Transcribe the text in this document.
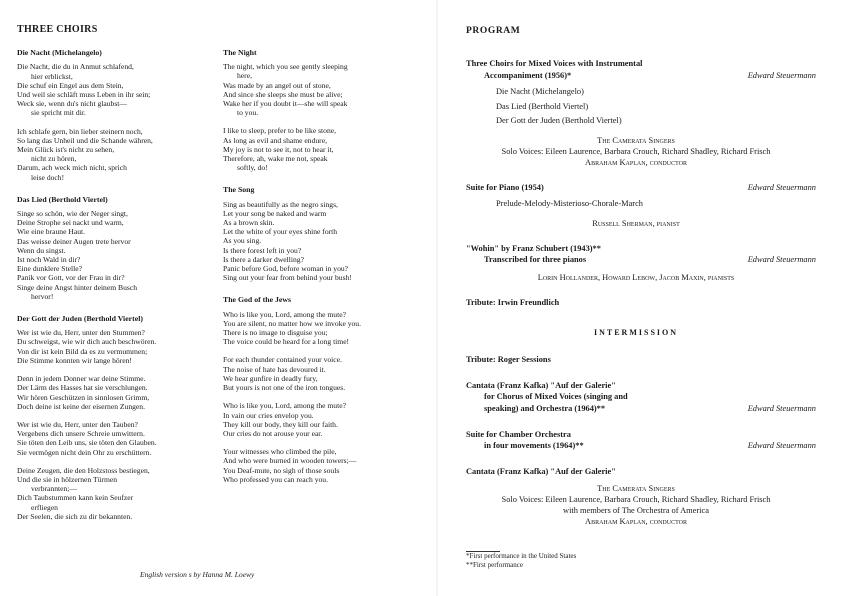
THREE CHOIRS
Die Nacht (Michelangelo)
Die Nacht, die du in Anmut schlafend,
hier erblickst,
Die schuf ein Engel aus dem Stein,
Und weil sie schläft muss Leben in ihr sein;
Weck sie, wenn du's nicht glaubst—
sie spricht mit dir.
Ich schlafe gern, bin lieber steinern noch,
So lang das Unheil und die Schande währen,
Mein Glück ist's nicht zu sehen,
nicht zu hören,
Darum, ach weck mich nicht, sprich
leise doch!
Das Lied (Berthold Viertel)
Singe so schön, wie der Neger singt,
Deine Strophe sei nackt und warm,
Wie eine braune Haut.
Das weisse deiner Augen trete hervor
Wenn du singst.
Ist noch Wald in dir?
Eine dunklere Stelle?
Panik vor Gott, vor der Frau in dir?
Singe deine Angst hinter deinem Busch
hervor!
Der Gott der Juden (Berthold Viertel)
Wer ist wie du, Herr, unter den Stummen?
Du schweigst, wie wir dich auch beschwören.
Von dir ist kein Bild da es zu vermummen;
Die Stimme konnten wir lange hören!
Denn in jedem Donner war deine Stimme.
Der Lärm des Hasses hat sie verschlungen.
Wir hören Geschützen in sinnlosen Grimm,
Doch deine ist keine der eisernen Zungen.
Wer ist wie du, Herr, unter den Tauben?
Vergebens dich unsere Schreie umwittern.
Sie töten den Leib uns, sie töten den Glauben.
Sie vermögen nicht dein Ohr zu erschüttern.
Deine Zeugen, die den Holzstoss bestiegen,
Und die sie in hölzernen Türmen
verbrannten;—
Dich Taubstummen kann kein Seufzer
erfliegen
Der Seelen, die sich zu dir bekannten.
The Night
The night, which you see gently sleeping
here,
Was made by an angel out of stone,
And since she sleeps she must be alive;
Wake her if you doubt it—she will speak
to you.
I like to sleep, prefer to be like stone,
As long as evil and shame endure,
My joy is not to see it, not to hear it,
Therefore, ah, wake me not, speak
softly, do!
The Song
Sing as beautifully as the negro sings,
Let your song be naked and warm
As a brown skin.
Let the white of your eyes shine forth
As you sing.
Is there forest left in you?
Is there a darker dwelling?
Panic before God, before woman in you?
Sing out your fear from behind your bush!
The God of the Jews
Who is like you, Lord, among the mute?
You are silent, no matter how we invoke you.
There is no image to disguise you;
The voice could be heard for a long time!
For each thunder contained your voice.
The noise of hate has devoured it.
We hear gunfire in deadly fury,
But yours is not one of the iron tongues.
Who is like you, Lord, among the mute?
In vain our cries envelop you.
They kill our body, they kill our faith.
Our cries do not arouse your ear.
Your witnesses who climbed the pile,
And who were burned in wooden towers;—
You Deaf-mute, no sigh of those souls
Who professed you can reach you.
English version s by Hanna M. Loewy
PROGRAM
Three Choirs for Mixed Voices with Instrumental
Accompaniment (1956)*	Edward Steuermann
Die Nacht (Michelangelo)
Das Lied (Berthold Viertel)
Der Gott der Juden (Berthold Viertel)
The Camerata Singers
Solo Voices: Eileen Laurence, Barbara Crouch, Richard Shadley, Richard Frisch
Abraham Kaplan, conductor
Suite for Piano (1954)	Edward Steuermann
Prelude-Melody-Misterioso-Chorale-March
Russell Sherman, pianist
"Wohin" by Franz Schubert (1943)**
Transcribed for three pianos	Edward Steuermann
Lorin Hollander, Howard Lebow, Jacob Maxin, pianists
Tribute: Irwin Freundlich
INTERMISSION
Tribute: Roger Sessions
Cantata (Franz Kafka) "Auf der Galerie"
for Chorus of Mixed Voices (singing and
speaking) and Orchestra (1964)**	Edward Steuermann
Suite for Chamber Orchestra
in four movements (1964)**	Edward Steuermann
Cantata (Franz Kafka) "Auf der Galerie"
The Camerata Singers
Solo Voices: Eileen Laurence, Barbara Crouch, Richard Shadley, Richard Frisch
with members of The Orchestra of America
Abraham Kaplan, conductor
*First performance in the United States
**First performance
